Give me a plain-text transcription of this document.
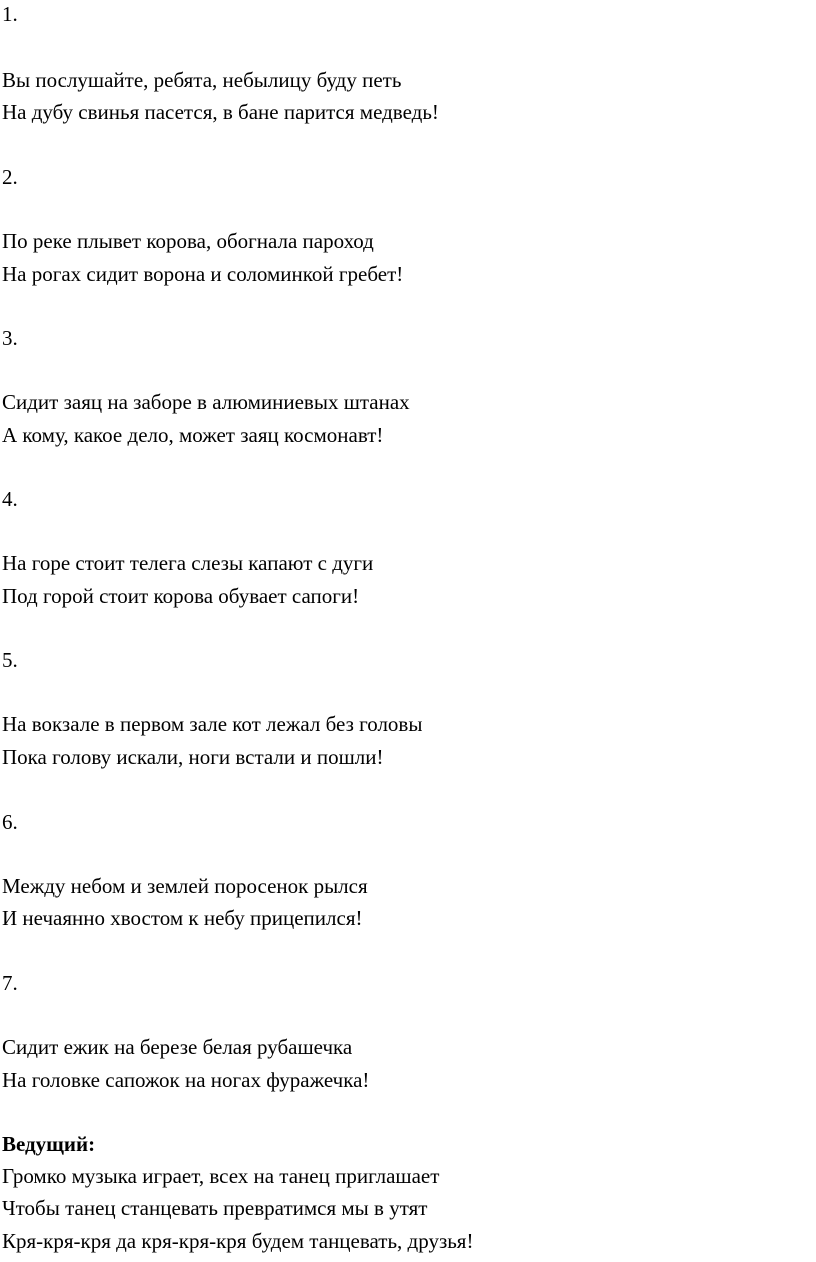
1.
Вы послушайте, ребята, небылицу буду петь
На дубу свинья пасется, в бане парится медведь!
2.
По реке плывет корова, обогнала пароход
На рогах сидит ворона и соломинкой гребет!
3.
Сидит заяц на заборе в алюминиевых штанах
А кому, какое дело, может заяц космонавт!
4.
На горе стоит телега слезы капают с дуги
Под горой стоит корова обувает сапоги!
5.
На вокзале в первом зале кот лежал без головы
Пока голову искали, ноги встали и пошли!
6.
Между небом и землей поросенок рылся
И нечаянно хвостом к небу прицепился!
7.
Сидит ежик на березе белая рубашечка
На головке сапожок на ногах фуражечка!
Ведущий:
Громко музыка играет, всех на танец приглашает
Чтобы танец станцевать превратимся мы в утят
Кря-кря-кря да кря-кря-кря будем танцевать, друзья!
